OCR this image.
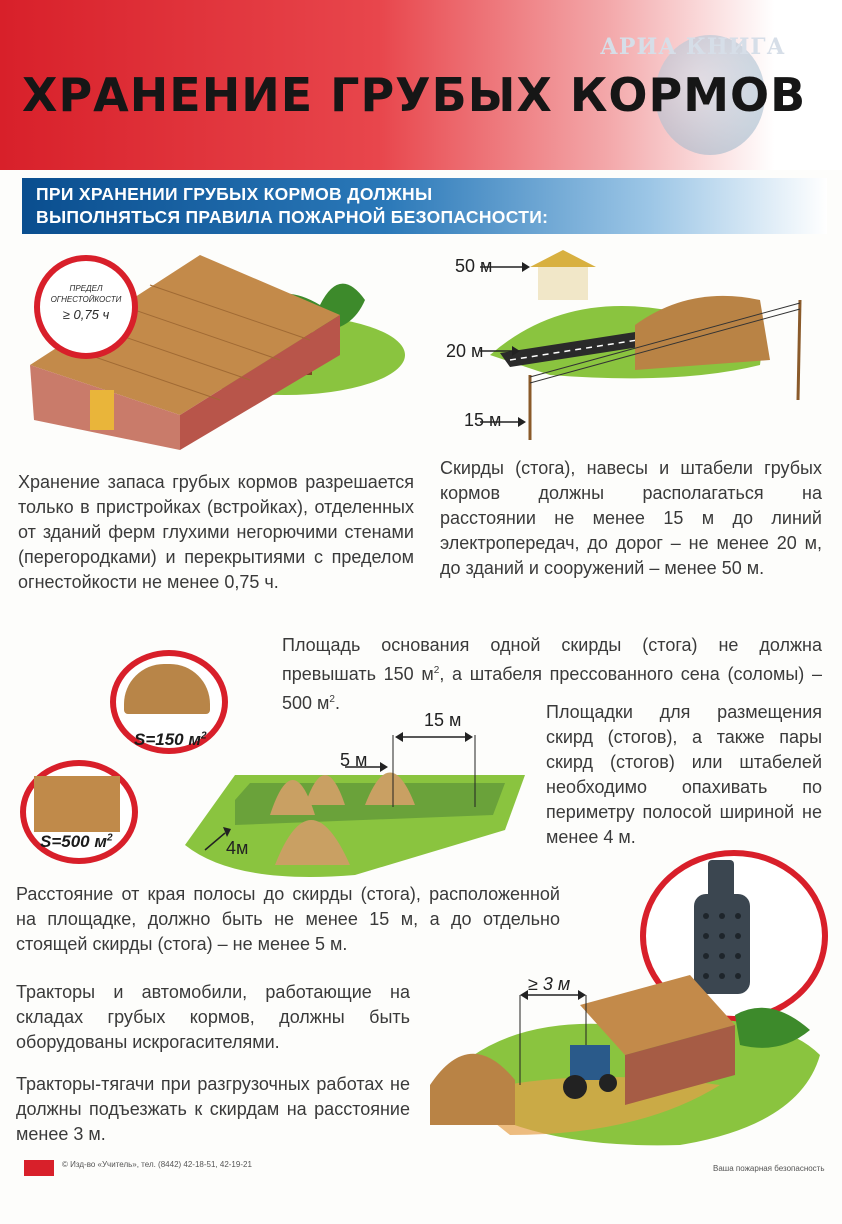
АРИА КНИГА
ХРАНЕНИЕ ГРУБЫХ КОРМОВ
ПРИ ХРАНЕНИИ ГРУБЫХ КОРМОВ ДОЛЖНЫ
ВЫПОЛНЯТЬСЯ ПРАВИЛА ПОЖАРНОЙ БЕЗОПАСНОСТИ:
ПРЕДЕЛ
ОГНЕСТОЙКОСТИ
≥ 0,75 ч
Хранение запаса грубых кормов разрешается только в пристройках (встройках), отделенных от зданий ферм глухими негорючими стенами (перегородками) и перекрытиями с пределом огнестойкости не менее 0,75 ч.
50 м
20 м
15 м
Скирды (стога), навесы и штабели грубых кормов должны располагаться на расстоянии не менее 15 м до линий электропередач, до дорог – не менее 20 м, до зданий и сооружений – менее 50 м.
Площадь основания одной скирды (стога) не должна превышать 150 $м^2$, а штабеля прессованного сена (соломы) – 500 $м^2$.
S=150 $м^2$
S=500 $м^2$
15 м
5 м
4м
Площадки для размещения скирд (стогов), а также пары скирд (стогов) или штабелей необходимо опахивать по периметру полосой шириной не менее 4 м.
Расстояние от края полосы до скирды (стога), расположенной на площадке, должно быть не менее 15 м, а до отдельно стоящей скирды (стога) – не менее 5 м.
Тракторы и автомобили, работающие на складах грубых кормов, должны быть оборудованы искрогасителями.
≥ 3 м
Тракторы-тягачи при разгрузочных работах не должны подъезжать к скирдам на расстояние менее 3 м.
© Изд-во «Учитель», тел. (8442) 42-18-51, 42-19-21	Ваша пожарная безопасность
